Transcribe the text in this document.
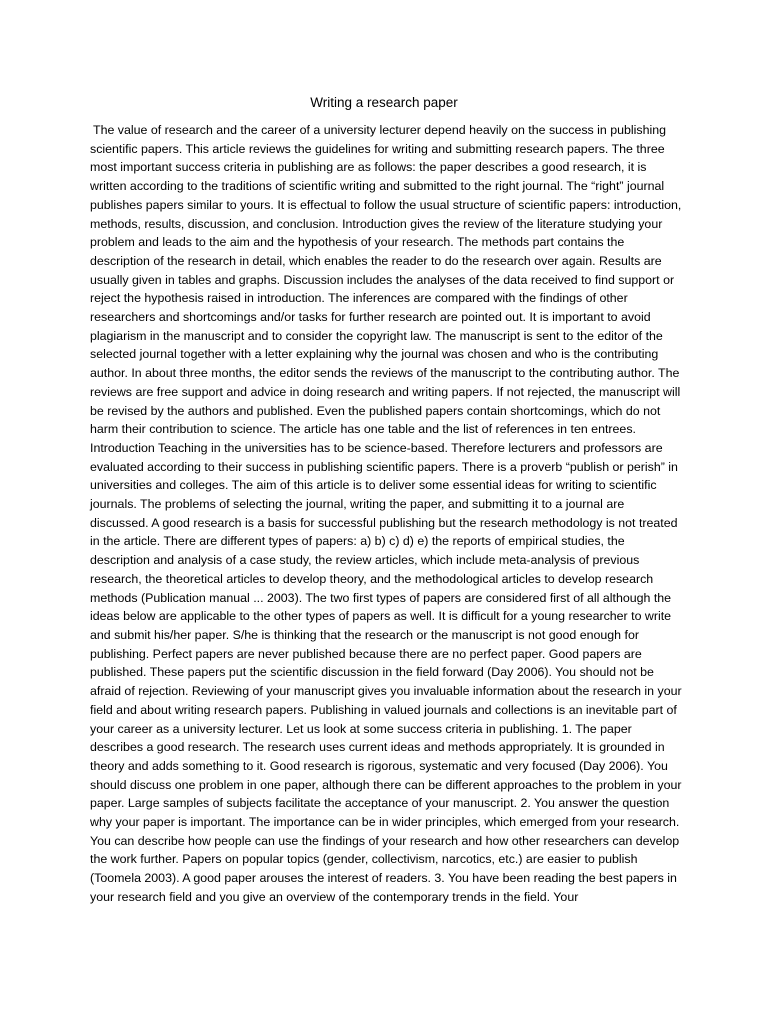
Writing a research paper

The value of research and the career of a university lecturer depend heavily on the success in publishing scientific papers. This article reviews the guidelines for writing and submitting research papers. The three most important success criteria in publishing are as follows: the paper describes a good research, it is written according to the traditions of scientific writing and submitted to the right journal. The “right” journal publishes papers similar to yours. It is effectual to follow the usual structure of scientific papers: introduction, methods, results, discussion, and conclusion. Introduction gives the review of the literature studying your problem and leads to the aim and the hypothesis of your research. The methods part contains the description of the research in detail, which enables the reader to do the research over again. Results are usually given in tables and graphs. Discussion includes the analyses of the data received to find support or reject the hypothesis raised in introduction. The inferences are compared with the findings of other researchers and shortcomings and/or tasks for further research are pointed out. It is important to avoid plagiarism in the manuscript and to consider the copyright law. The manuscript is sent to the editor of the selected journal together with a letter explaining why the journal was chosen and who is the contributing author. In about three months, the editor sends the reviews of the manuscript to the contributing author. The reviews are free support and advice in doing research and writing papers. If not rejected, the manuscript will be revised by the authors and published. Even the published papers contain shortcomings, which do not harm their contribution to science. The article has one table and the list of references in ten entrees. Introduction Teaching in the universities has to be science-based. Therefore lecturers and professors are evaluated according to their success in publishing scientific papers. There is a proverb “publish or perish” in universities and colleges. The aim of this article is to deliver some essential ideas for writing to scientific journals. The problems of selecting the journal, writing the paper, and submitting it to a journal are discussed. A good research is a basis for successful publishing but the research methodology is not treated in the article. There are different types of papers: a) b) c) d) e) the reports of empirical studies, the description and analysis of a case study, the review articles, which include meta-analysis of previous research, the theoretical articles to develop theory, and the methodological articles to develop research methods (Publication manual ... 2003). The two first types of papers are considered first of all although the ideas below are applicable to the other types of papers as well. It is difficult for a young researcher to write and submit his/her paper. S/he is thinking that the research or the manuscript is not good enough for publishing. Perfect papers are never published because there are no perfect paper. Good papers are published. These papers put the scientific discussion in the field forward (Day 2006). You should not be afraid of rejection. Reviewing of your manuscript gives you invaluable information about the research in your field and about writing research papers. Publishing in valued journals and collections is an inevitable part of your career as a university lecturer. Let us look at some success criteria in publishing. 1. The paper describes a good research. The research uses current ideas and methods appropriately. It is grounded in theory and adds something to it. Good research is rigorous, systematic and very focused (Day 2006). You should discuss one problem in one paper, although there can be different approaches to the problem in your paper. Large samples of subjects facilitate the acceptance of your manuscript. 2. You answer the question why your paper is important. The importance can be in wider principles, which emerged from your research. You can describe how people can use the findings of your research and how other researchers can develop the work further. Papers on popular topics (gender, collectivism, narcotics, etc.) are easier to publish (Toomela 2003). A good paper arouses the interest of readers. 3. You have been reading the best papers in your research field and you give an overview of the contemporary trends in the field. Your
